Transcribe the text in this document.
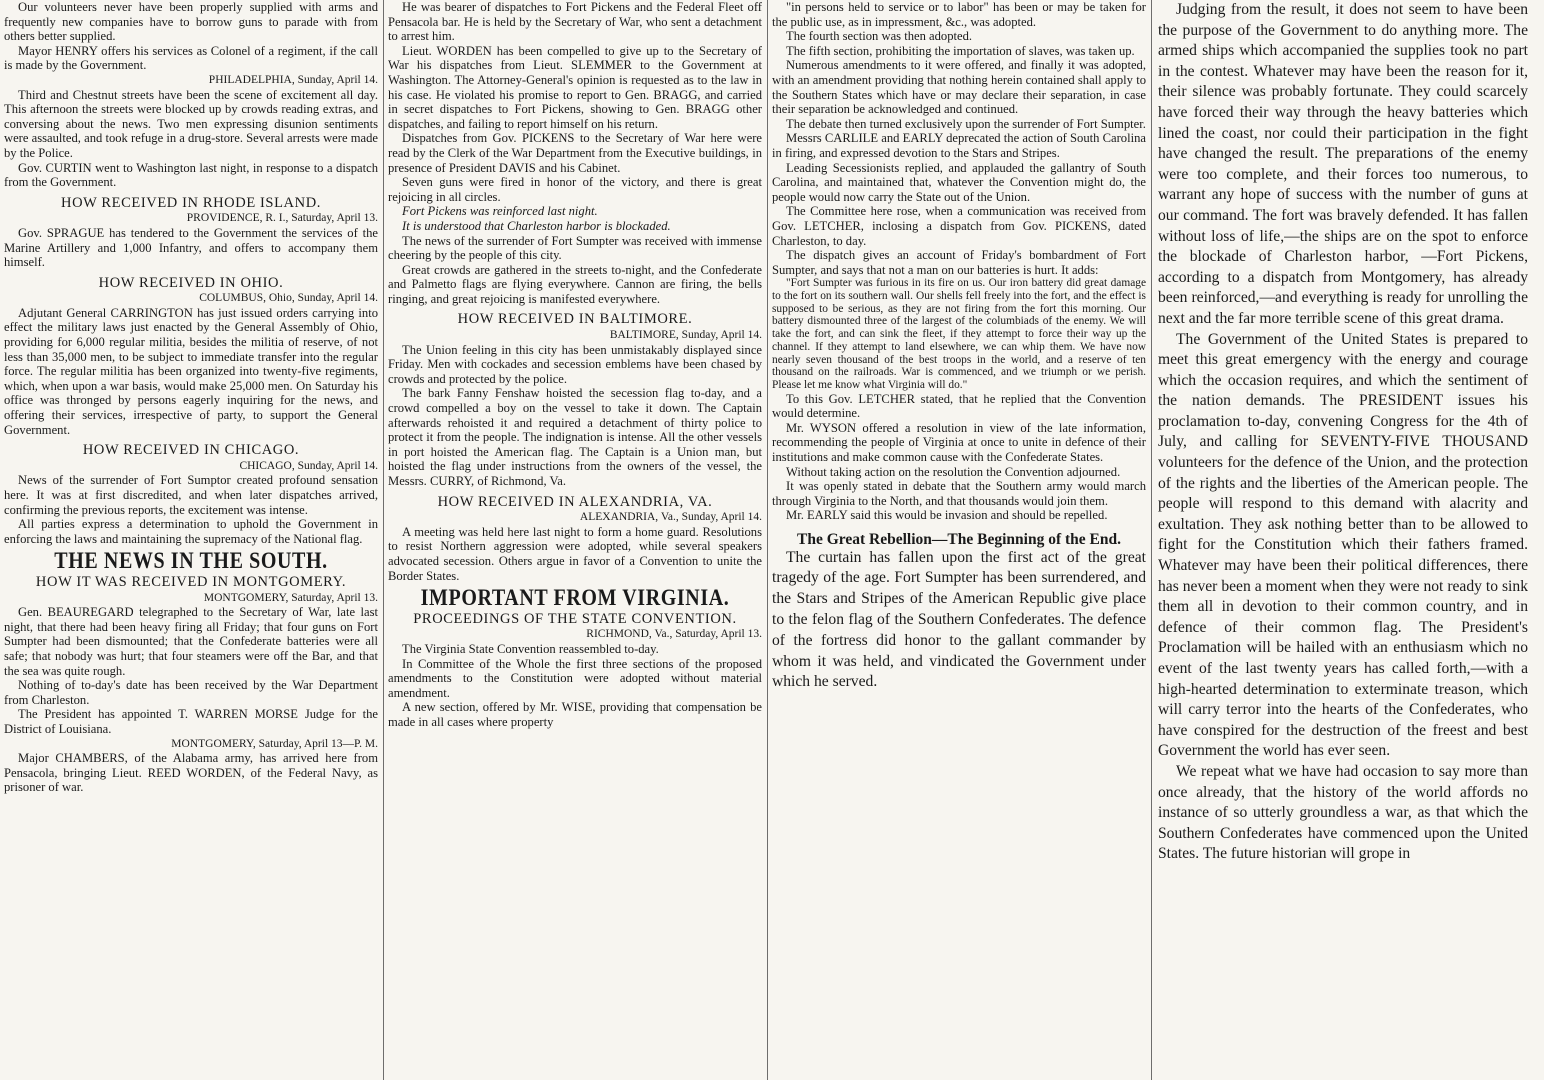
Our volunteers never have been properly supplied with arms and frequently new companies have to borrow guns to parade with from others better supplied.

Mayor HENRY offers his services as Colonel of a regiment, if the call is made by the Government.

PHILADELPHIA, Sunday, April 14.

Third and Chestnut streets have been the scene of excitement all day. This afternoon the streets were blocked up by crowds reading extras, and conversing about the news. Two men expressing disunion sentiments were assaulted, and took refuge in a drug-store. Several arrests were made by the Police.

Gov. CURTIN went to Washington last night, in response to a dispatch from the Government.

HOW RECEIVED IN RHODE ISLAND.

PROVIDENCE, R. I., Saturday, April 13.

Gov. SPRAGUE has tendered to the Government the services of the Marine Artillery and 1,000 Infantry, and offers to accompany them himself.

HOW RECEIVED IN OHIO.

COLUMBUS, Ohio, Sunday, April 14.

Adjutant General CARRINGTON has just issued orders carrying into effect the military laws just enacted by the General Assembly of Ohio, providing for 6,000 regular militia, besides the militia of reserve, of not less than 35,000 men, to be subject to immediate transfer into the regular force. The regular militia has been organized into twenty-five regiments, which, when upon a war basis, would make 25,000 men. On Saturday his office was thronged by persons eagerly inquiring for the news, and offering their services, irrespective of party, to support the General Government.

HOW RECEIVED IN CHICAGO.

CHICAGO, Sunday, April 14.

News of the surrender of Fort Sumptor created profound sensation here. It was at first discredited, and when later dispatches arrived, confirming the previous reports, the excitement was intense.

All parties express a determination to uphold the Government in enforcing the laws and maintaining the supremacy of the National flag.

THE NEWS IN THE SOUTH.

HOW IT WAS RECEIVED IN MONTGOMERY.

MONTGOMERY, Saturday, April 13.

Gen. BEAUREGARD telegraphed to the Secretary of War, late last night, that there had been heavy firing all Friday; that four guns on Fort Sumpter had been dismounted; that the Confederate batteries were all safe; that nobody was hurt; that four steamers were off the Bar, and that the sea was quite rough.

Nothing of to-day's date has been received by the War Department from Charleston.

The President has appointed T. WARREN MORSE Judge for the District of Louisiana.

MONTGOMERY, Saturday, April 13—P. M.

Major CHAMBERS, of the Alabama army, has arrived here from Pensacola, bringing Lieut. REED WORDEN, of the Federal Navy, as prisoner of war.

He was bearer of dispatches to Fort Pickens and the Federal Fleet off Pensacola bar. He is held by the Secretary of War, who sent a detachment to arrest him.

Lieut. WORDEN has been compelled to give up to the Secretary of War his dispatches from Lieut. SLEMMER to the Government at Washington. The Attorney-General's opinion is requested as to the law in his case. He violated his promise to report to Gen. BRAGG, and carried in secret dispatches to Fort Pickens, showing to Gen. BRAGG other dispatches, and failing to report himself on his return.

Dispatches from Gov. PICKENS to the Secretary of War here were read by the Clerk of the War Department from the Executive buildings, in presence of President DAVIS and his Cabinet.

Seven guns were fired in honor of the victory, and there is great rejoicing in all circles.

Fort Pickens was reinforced last night.

It is understood that Charleston harbor is blockaded.

The news of the surrender of Fort Sumpter was received with immense cheering by the people of this city.

Great crowds are gathered in the streets to-night, and the Confederate and Palmetto flags are flying everywhere. Cannon are firing, the bells ringing, and great rejoicing is manifested everywhere.

HOW RECEIVED IN BALTIMORE.

BALTIMORE, Sunday, April 14.

The Union feeling in this city has been unmistakably displayed since Friday. Men with cockades and secession emblems have been chased by crowds and protected by the police.

The bark Fanny Fenshaw hoisted the secession flag to-day, and a crowd compelled a boy on the vessel to take it down. The Captain afterwards rehoisted it and required a detachment of thirty police to protect it from the people. The indignation is intense. All the other vessels in port hoisted the American flag. The Captain is a Union man, but hoisted the flag under instructions from the owners of the vessel, the Messrs. CURRY, of Richmond, Va.

HOW RECEIVED IN ALEXANDRIA, VA.

ALEXANDRIA, Va., Sunday, April 14.

A meeting was held here last night to form a home guard. Resolutions to resist Northern aggression were adopted, while several speakers advocated secession. Others argue in favor of a Convention to unite the Border States.

IMPORTANT FROM VIRGINIA.

PROCEEDINGS OF THE STATE CONVENTION.

RICHMOND, Va., Saturday, April 13.

The Virginia State Convention reassembled to-day.

In Committee of the Whole the first three sections of the proposed amendments to the Constitution were adopted without material amendment.

A new section, offered by Mr. WISE, providing that compensation be made in all cases where property

"in persons held to service or to labor" has been or may be taken for the public use, as in impressment, &c., was adopted.

The fourth section was then adopted.

The fifth section, prohibiting the importation of slaves, was taken up.

Numerous amendments to it were offered, and finally it was adopted, with an amendment providing that nothing herein contained shall apply to the Southern States which have or may declare their separation, in case their separation be acknowledged and continued.

The debate then turned exclusively upon the surrender of Fort Sumpter.

Messrs CARLILE and EARLY deprecated the action of South Carolina in firing, and expressed devotion to the Stars and Stripes.

Leading Secessionists replied, and applauded the gallantry of South Carolina, and maintained that, whatever the Convention might do, the people would now carry the State out of the Union.

The Committee here rose, when a communication was received from Gov. LETCHER, inclosing a dispatch from Gov. PICKENS, dated Charleston, to day.

The dispatch gives an account of Friday's bombardment of Fort Sumpter, and says that not a man on our batteries is hurt. It adds:

"Fort Sumpter was furious in its fire on us. Our iron battery did great damage to the fort on its southern wall. Our shells fell freely into the fort, and the effect is supposed to be serious, as they are not firing from the fort this morning. Our battery dismounted three of the largest of the columbiads of the enemy. We will take the fort, and can sink the fleet, if they attempt to force their way up the channel. If they attempt to land elsewhere, we can whip them. We have now nearly seven thousand of the best troops in the world, and a reserve of ten thousand on the railroads. War is commenced, and we triumph or we perish. Please let me know what Virginia will do."

To this Gov. LETCHER stated, that he replied that the Convention would determine.

Mr. WYSON offered a resolution in view of the late information, recommending the people of Virginia at once to unite in defence of their institutions and make common cause with the Confederate States.

Without taking action on the resolution the Convention adjourned.

It was openly stated in debate that the Southern army would march through Virginia to the North, and that thousands would join them.

Mr. EARLY said this would be invasion and should be repelled.

The Great Rebellion—The Beginning of the End.

The curtain has fallen upon the first act of the great tragedy of the age. Fort Sumpter has been surrendered, and the Stars and Stripes of the American Republic give place to the felon flag of the Southern Confederates. The defence of the fortress did honor to the gallant commander by whom it was held, and vindicated the Government under which he served.

Judging from the result, it does not seem to have been the purpose of the Government to do anything more. The armed ships which accompanied the supplies took no part in the contest. Whatever may have been the reason for it, their silence was probably fortunate. They could scarcely have forced their way through the heavy batteries which lined the coast, nor could their participation in the fight have changed the result. The preparations of the enemy were too complete, and their forces too numerous, to warrant any hope of success with the number of guns at our command. The fort was bravely defended. It has fallen without loss of life,—the ships are on the spot to enforce the blockade of Charleston harbor, —Fort Pickens, according to a dispatch from Montgomery, has already been reinforced,—and everything is ready for unrolling the next and the far more terrible scene of this great drama.

The Government of the United States is prepared to meet this great emergency with the energy and courage which the occasion requires, and which the sentiment of the nation demands. The PRESIDENT issues his proclamation to-day, convening Congress for the 4th of July, and calling for SEVENTY-FIVE THOUSAND volunteers for the defence of the Union, and the protection of the rights and the liberties of the American people. The people will respond to this demand with alacrity and exultation. They ask nothing better than to be allowed to fight for the Constitution which their fathers framed. Whatever may have been their political differences, there has never been a moment when they were not ready to sink them all in devotion to their common country, and in defence of their common flag. The President's Proclamation will be hailed with an enthusiasm which no event of the last twenty years has called forth,—with a high-hearted determination to exterminate treason, which will carry terror into the hearts of the Confederates, who have conspired for the destruction of the freest and best Government the world has ever seen.

We repeat what we have had occasion to say more than once already, that the history of the world affords no instance of so utterly groundless a war, as that which the Southern Confederates have commenced upon the United States. The future historian will grope in
